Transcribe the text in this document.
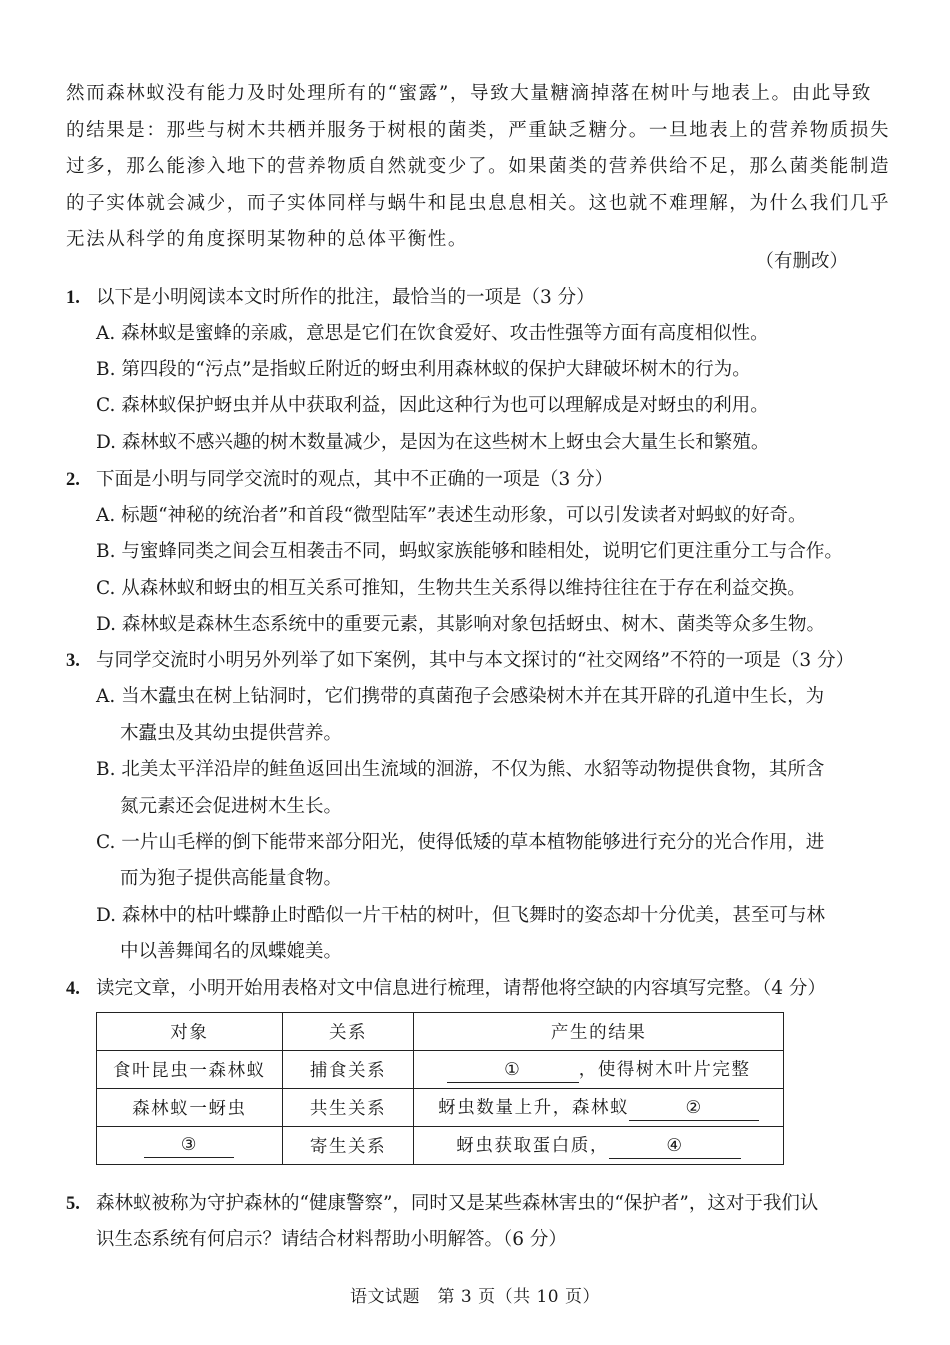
然而森林蚁没有能力及时处理所有的“蜜露”，导致大量糖滴掉落在树叶与地表上。由此导致
的结果是：那些与树木共栖并服务于树根的菌类，严重缺乏糖分。一旦地表上的营养物质损失
过多，那么能渗入地下的营养物质自然就变少了。如果菌类的营养供给不足，那么菌类能制造
的子实体就会减少，而子实体同样与蜗牛和昆虫息息相关。这也就不难理解，为什么我们几乎
无法从科学的角度探明某物种的总体平衡性。
（有删改）
1. 以下是小明阅读本文时所作的批注，最恰当的一项是（3 分）
A. 森林蚁是蜜蜂的亲戚，意思是它们在饮食爱好、攻击性强等方面有高度相似性。
B. 第四段的“污点”是指蚁丘附近的蚜虫利用森林蚁的保护大肆破坏树木的行为。
C. 森林蚁保护蚜虫并从中获取利益，因此这种行为也可以理解成是对蚜虫的利用。
D. 森林蚁不感兴趣的树木数量减少，是因为在这些树木上蚜虫会大量生长和繁殖。
2. 下面是小明与同学交流时的观点，其中不正确的一项是（3 分）
A. 标题“神秘的统治者”和首段“微型陆军”表述生动形象，可以引发读者对蚂蚁的好奇。
B. 与蜜蜂同类之间会互相袭击不同，蚂蚁家族能够和睦相处，说明它们更注重分工与合作。
C. 从森林蚁和蚜虫的相互关系可推知，生物共生关系得以维持往往在于存在利益交换。
D. 森林蚁是森林生态系统中的重要元素，其影响对象包括蚜虫、树木、菌类等众多生物。
3. 与同学交流时小明另外列举了如下案例，其中与本文探讨的“社交网络”不符的一项是（3 分）
A. 当木蠹虫在树上钻洞时，它们携带的真菌孢子会感染树木并在其开辟的孔道中生长，为
木蠹虫及其幼虫提供营养。
B. 北美太平洋沿岸的鲑鱼返回出生流域的洄游，不仅为熊、水貂等动物提供食物，其所含
氮元素还会促进树木生长。
C. 一片山毛榉的倒下能带来部分阳光，使得低矮的草本植物能够进行充分的光合作用，进
而为狍子提供高能量食物。
D. 森林中的枯叶蝶静止时酷似一片干枯的树叶，但飞舞时的姿态却十分优美，甚至可与林
中以善舞闻名的凤蝶媲美。
4. 读完文章，小明开始用表格对文中信息进行梳理，请帮他将空缺的内容填写完整。（4 分）
对象	关系	产生的结果
食叶昆虫一森林蚁	捕食关系	① ，使得树木叶片完整
森林蚁一蚜虫	共生关系	蚜虫数量上升，森林蚁 ②
③	寄生关系	蚜虫获取蛋白质， ④
5. 森林蚁被称为守护森林的“健康警察”，同时又是某些森林害虫的“保护者”，这对于我们认
识生态系统有何启示？请结合材料帮助小明解答。（6 分）
语文试题　第 3 页（共 10 页）
